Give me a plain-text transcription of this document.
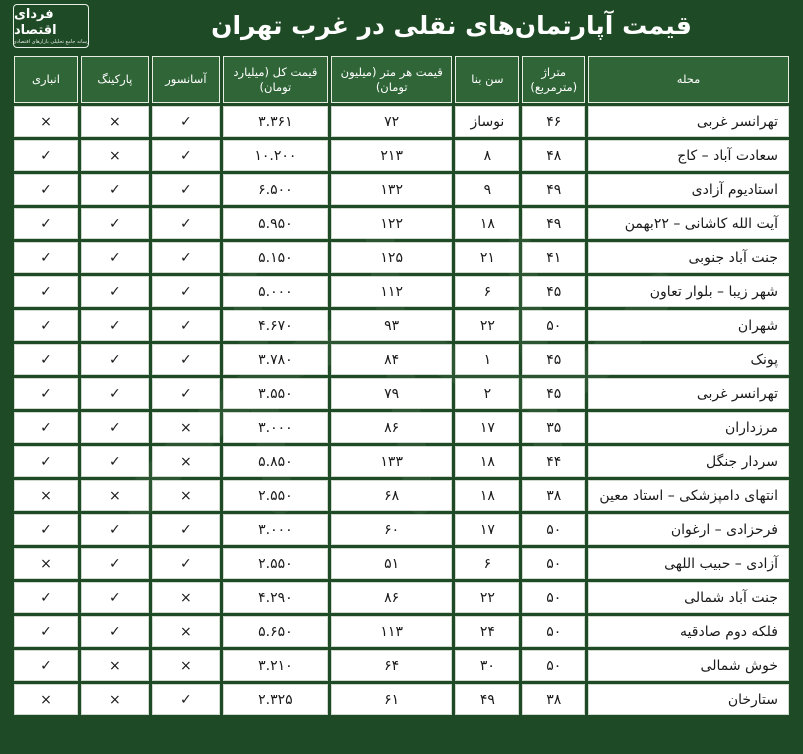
فردای اقتصاد
رسانه جامع تحلیلی بازارهای اقتصادی
قیمت آپارتمان‌های نقلی در غرب تهران
محله	متراژ (مترمربع)	سن بنا	قیمت هر متر (میلیون تومان)	قیمت کل (میلیارد تومان)	آسانسور	پارکینگ	انباری
تهرانسر غربی	۴۶	نوساز	۷۲	۳.۳۶۱	✓	×	×
سعادت آباد – کاج	۴۸	۸	۲۱۳	۱۰.۲۰۰	✓	×	✓
استادیوم آزادی	۴۹	۹	۱۳۲	۶.۵۰۰	✓	✓	✓
آیت الله کاشانی – ۲۲بهمن	۴۹	۱۸	۱۲۲	۵.۹۵۰	✓	✓	✓
جنت آباد جنوبی	۴۱	۲۱	۱۲۵	۵.۱۵۰	✓	✓	✓
شهر زیبا – بلوار تعاون	۴۵	۶	۱۱۲	۵.۰۰۰	✓	✓	✓
شهران	۵۰	۲۲	۹۳	۴.۶۷۰	✓	✓	✓
پونک	۴۵	۱	۸۴	۳.۷۸۰	✓	✓	✓
تهرانسر غربی	۴۵	۲	۷۹	۳.۵۵۰	✓	✓	✓
مرزداران	۳۵	۱۷	۸۶	۳.۰۰۰	×	✓	✓
سردار جنگل	۴۴	۱۸	۱۳۳	۵.۸۵۰	×	✓	✓
انتهای دامپزشکی – استاد معین	۳۸	۱۸	۶۸	۲.۵۵۰	×	×	×
فرحزادی – ارغوان	۵۰	۱۷	۶۰	۳.۰۰۰	✓	✓	✓
آزادی – حبیب اللهی	۵۰	۶	۵۱	۲.۵۵۰	✓	✓	×
جنت آباد شمالی	۵۰	۲۲	۸۶	۴.۲۹۰	×	✓	✓
فلکه دوم صادقیه	۵۰	۲۴	۱۱۳	۵.۶۵۰	×	✓	✓
خوش شمالی	۵۰	۳۰	۶۴	۳.۲۱۰	×	×	✓
ستارخان	۳۸	۴۹	۶۱	۲.۳۲۵	✓	×	×
